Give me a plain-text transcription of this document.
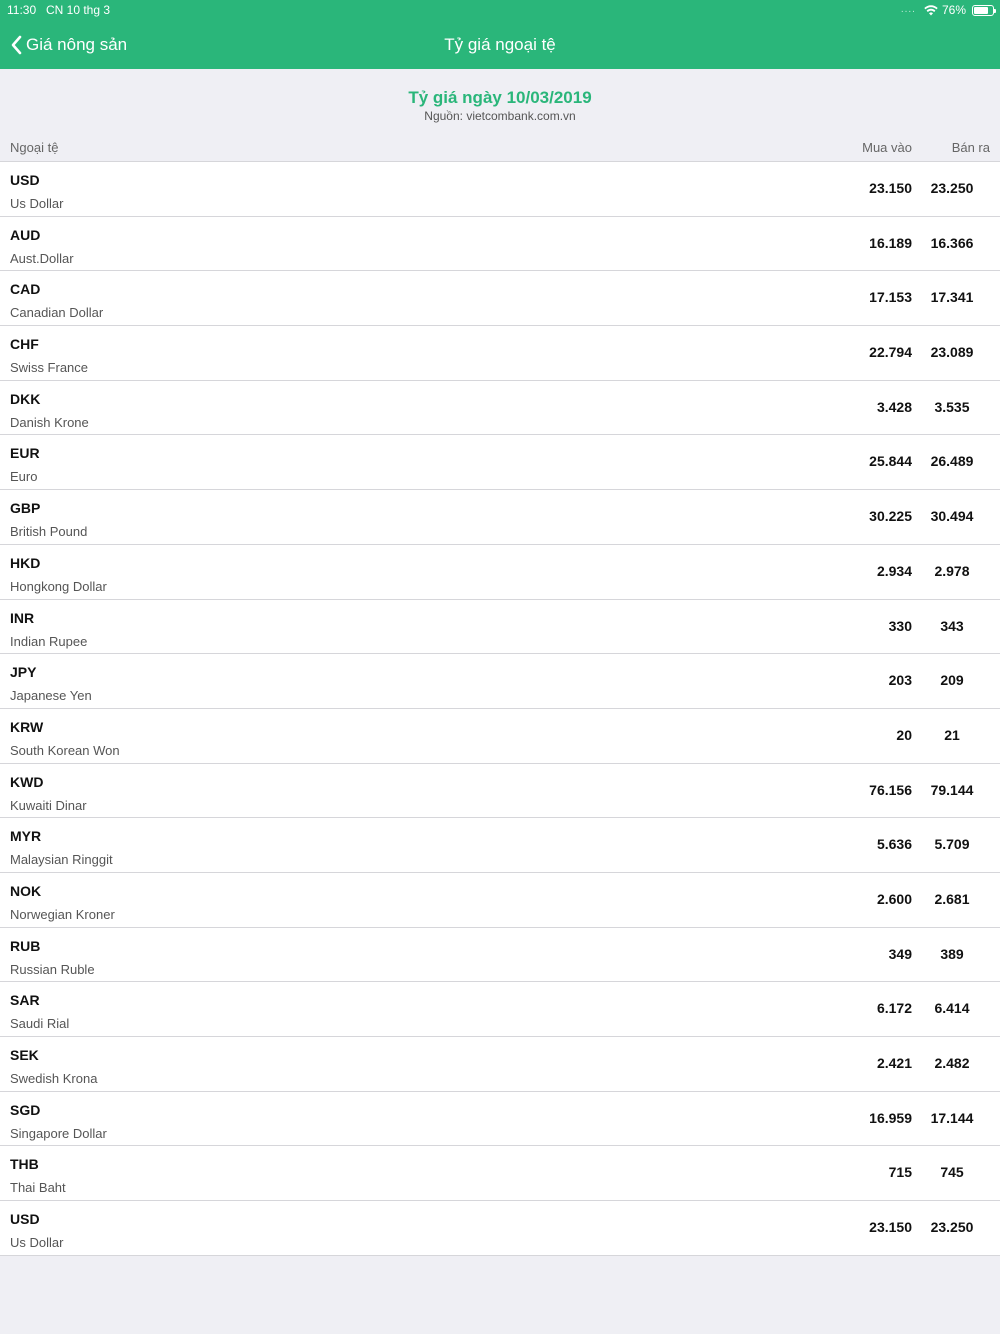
11:30 CN 10 thg 3	.... 76%
Giá nông sản	Tỷ giá ngoại tệ
Tỷ giá ngày 10/03/2019
Nguồn: vietcombank.com.vn
Ngoại tệ	Mua vào	Bán ra
USD
Us Dollar
23.150	23.250
AUD
Aust.Dollar
16.189	16.366
CAD
Canadian Dollar
17.153	17.341
CHF
Swiss France
22.794	23.089
DKK
Danish Krone
3.428	3.535
EUR
Euro
25.844	26.489
GBP
British Pound
30.225	30.494
HKD
Hongkong Dollar
2.934	2.978
INR
Indian Rupee
330	343
JPY
Japanese Yen
203	209
KRW
South Korean Won
20	21
KWD
Kuwaiti Dinar
76.156	79.144
MYR
Malaysian Ringgit
5.636	5.709
NOK
Norwegian Kroner
2.600	2.681
RUB
Russian Ruble
349	389
SAR
Saudi Rial
6.172	6.414
SEK
Swedish Krona
2.421	2.482
SGD
Singapore Dollar
16.959	17.144
THB
Thai Baht
715	745
USD
Us Dollar
23.150	23.250
